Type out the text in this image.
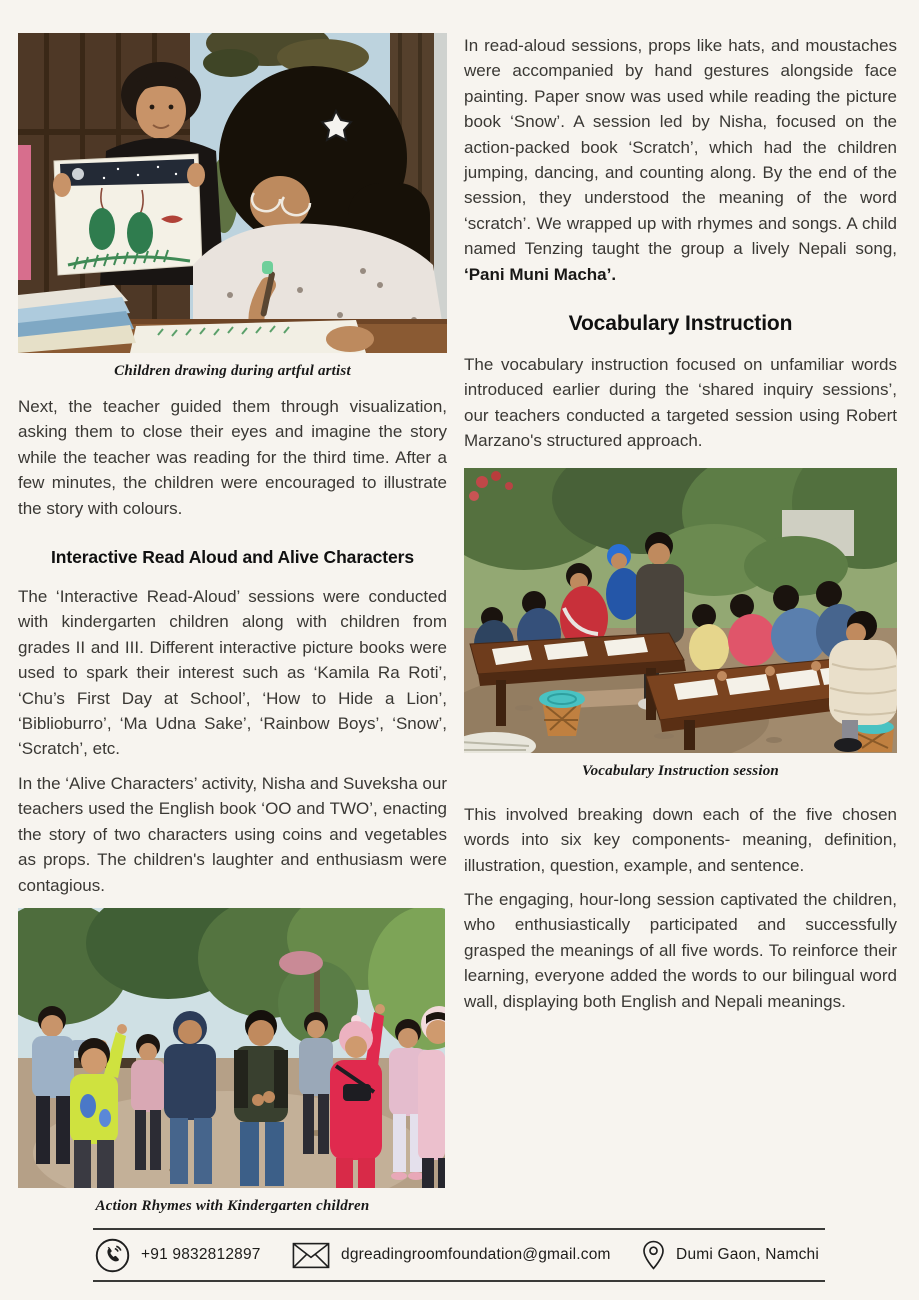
Children drawing during artful artist

Next, the teacher guided them through visualization, asking them to close their eyes and imagine the story while the teacher was reading for the third time. After a few minutes, the children were encouraged to illustrate the story with colours.

Interactive Read Aloud and Alive Characters

The ‘Interactive Read-Aloud’ sessions were conducted with kindergarten children along with children from grades II and III. Different interactive picture books were used to spark their interest such as ‘Kamila Ra Roti’, ‘Chu’s First Day at School’, ‘How to Hide a Lion’, ‘Biblioburro’, ‘Ma Udna Sake’, ‘Rainbow Boys’, ‘Snow’, ‘Scratch’, etc.

In the ‘Alive Characters’ activity, Nisha and Suveksha our teachers used the English book ‘OO and TWO’, enacting the story of two characters using coins and vegetables as props. The children's laughter and enthusiasm were contagious.

Action Rhymes with Kindergarten children

In read-aloud sessions, props like hats, and moustaches were accompanied by hand gestures alongside face painting. Paper snow was used while reading the picture book ‘Snow’. A session led by Nisha, focused on the action-packed book ‘Scratch’, which had the children jumping, dancing, and counting along. By the end of the session, they understood the meaning of the word ‘scratch’. We wrapped up with rhymes and songs. A child named Tenzing taught the group a lively Nepali song, ‘Pani Muni Macha’.

Vocabulary Instruction

The vocabulary instruction focused on unfamiliar words introduced earlier during the ‘shared inquiry sessions’, our teachers conducted a targeted session using Robert Marzano's structured approach.

Vocabulary Instruction session

This involved breaking down each of the five chosen words into six key components- meaning, definition, illustration, question, example, and sentence.

The engaging, hour-long session captivated the children, who enthusiastically participated and successfully grasped the meanings of all five words. To reinforce their learning, everyone added the words to our bilingual word wall, displaying both English and Nepali meanings.

+91 9832812897	dgreadingroomfoundation@gmail.com	Dumi Gaon, Namchi
